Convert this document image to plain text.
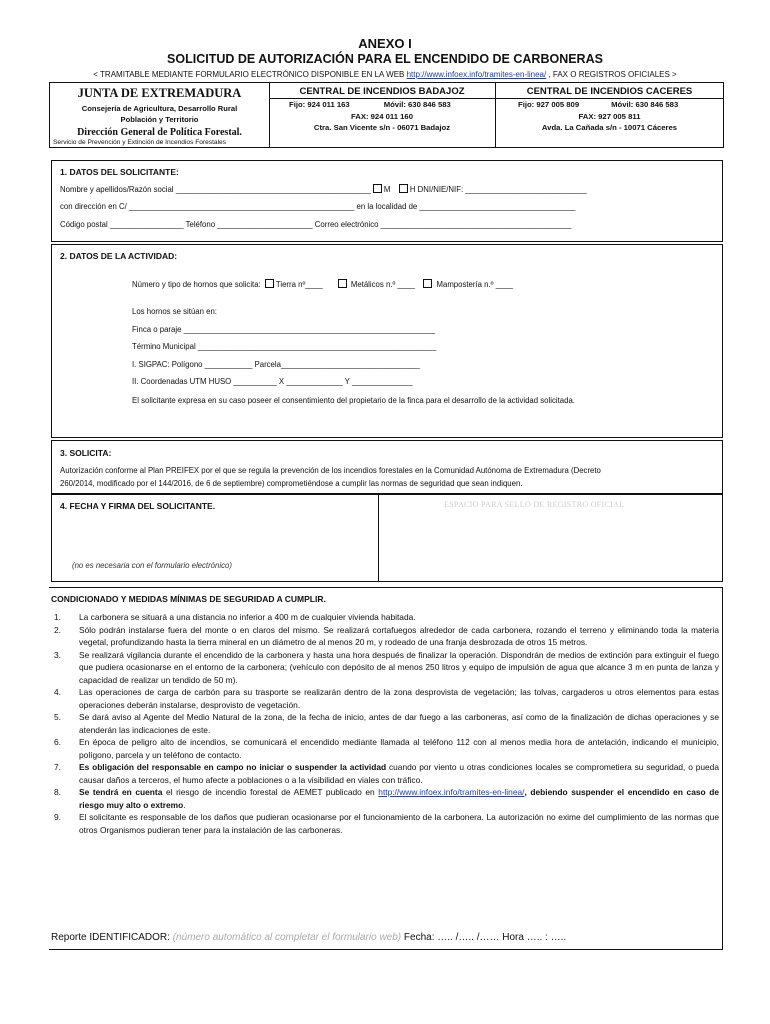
ANEXO I
SOLICITUD DE AUTORIZACIÓN PARA EL ENCENDIDO DE CARBONERAS
< TRAMITABLE MEDIANTE FORMULARIO ELECTRÓNICO DISPONIBLE EN LA WEB http://www.infoex.info/tramites-en-linea/ , FAX O REGISTROS OFICIALES >
JUNTA DE EXTREMADURA
Consejería de Agricultura, Desarrollo Rural
Población y Territorio
Dirección General de Política Forestal.
Servicio de Prevención y Extinción de Incendios Forestales
CENTRAL DE INCENDIOS BADAJOZ
Fijo: 924 011 163	Móvil: 630 846 583
FAX: 924 011 160
Ctra. San Vicente s/n - 06071 Badajoz
CENTRAL DE INCENDIOS CACERES
Fijo: 927 005 809	Móvil: 630 846 583
FAX: 927 005 811
Avda. La Cañada s/n - 10071 Cáceres
1. DATOS DEL SOLICITANTE:
Nombre y apellidos/Razón social _____________________________________________ M	H DNI/NIE/NIF: ____________________________
con dirección en C/ ____________________________________________________ en la localidad de ____________________________________
Código postal _________________ Teléfono ______________________ Correo electrónico ____________________________________________
2. DATOS DE LA ACTIVIDAD:
Número y tipo de hornos que solicita: Tierra nº____	Metálicos n.º ____	Mampostería n.º ____
Los hornos se sitúan en:
Finca o paraje __________________________________________________________
Término Municipal _______________________________________________________
I. SIGPAC: Polígono ___________ Parcela________________________________
II. Coordenadas UTM HUSO __________ X _____________ Y ______________
El solicitante expresa en su caso poseer el consentimiento del propietario de la finca para el desarrollo de la actividad solicitada.
3. SOLICITA:
Autorización conforme al Plan PREIFEX por el que se regula la prevención de los incendios forestales en la Comunidad Autónoma de Extremadura (Decreto
260/2014, modificado por el 144/2016, de 6 de septiembre) comprometiéndose a cumplir las normas de seguridad que sean indiquen.
4. FECHA Y FIRMA DEL SOLICITANTE.
(no es necesaria con el formulario electrónico)
ESPACIO PARA SELLO DE REGISTRO OFICIAL
CONDICIONADO Y MEDIDAS MÍNIMAS DE SEGURIDAD A CUMPLIR.
1. La carbonera se situará a una distancia no inferior a 400 m de cualquier vivienda habitada.
2. Sólo podrán instalarse fuera del monte o en claros del mismo. Se realizará cortafuegos alrededor de cada carbonera, rozando el terreno y eliminando toda la materia vegetal, profundizando hasta la tierra mineral en un diámetro de al menos 20 m, y rodeado de una franja desbrozada de otros 15 metros.
3. Se realizará vigilancia durante el encendido de la carbonera y hasta una hora después de finalizar la operación. Dispondrán de medios de extinción para extinguir el fuego que pudiera ocasionarse en el entorno de la carbonera; (vehículo con depósito de al menos 250 litros y equipo de impulsión de agua que alcance 3 m en punta de lanza y capacidad de realizar un tendido de 50 m).
4. Las operaciones de carga de carbón para su trasporte se realizarán dentro de la zona desprovista de vegetación; las tolvas, cargaderos u otros elementos para estas operaciones deberán instalarse, desprovisto de vegetación.
5. Se dará aviso al Agente del Medio Natural de la zona, de la fecha de inicio, antes de dar fuego a las carboneras, así como de la finalización de dichas operaciones y se atenderán las indicaciones de este.
6. En época de peligro alto de incendios, se comunicará el encendido mediante llamada al teléfono 112 con al menos media hora de antelación, indicando el municipio, polígono, parcela y un teléfono de contacto.
7. Es obligación del responsable en campo no iniciar o suspender la actividad cuando por viento u otras condiciones locales se comprometiera su seguridad, o pueda causar daños a terceros, el humo afecte a poblaciones o a la visibilidad en viales con tráfico.
8. Se tendrá en cuenta el riesgo de incendio forestal de AEMET publicado en http://www.infoex.info/tramites-en-linea/, debiendo suspender el encendido en caso de riesgo muy alto o extremo.
9. El solicitante es responsable de los daños que pudieran ocasionarse por el funcionamiento de la carbonera. La autorización no exime del cumplimiento de las normas que otros Organismos pudieran tener para la instalación de las carboneras.
Reporte IDENTIFICADOR: (número automático al completar el formulario web) Fecha: ….. /….. /…… Hora ….. : …..
